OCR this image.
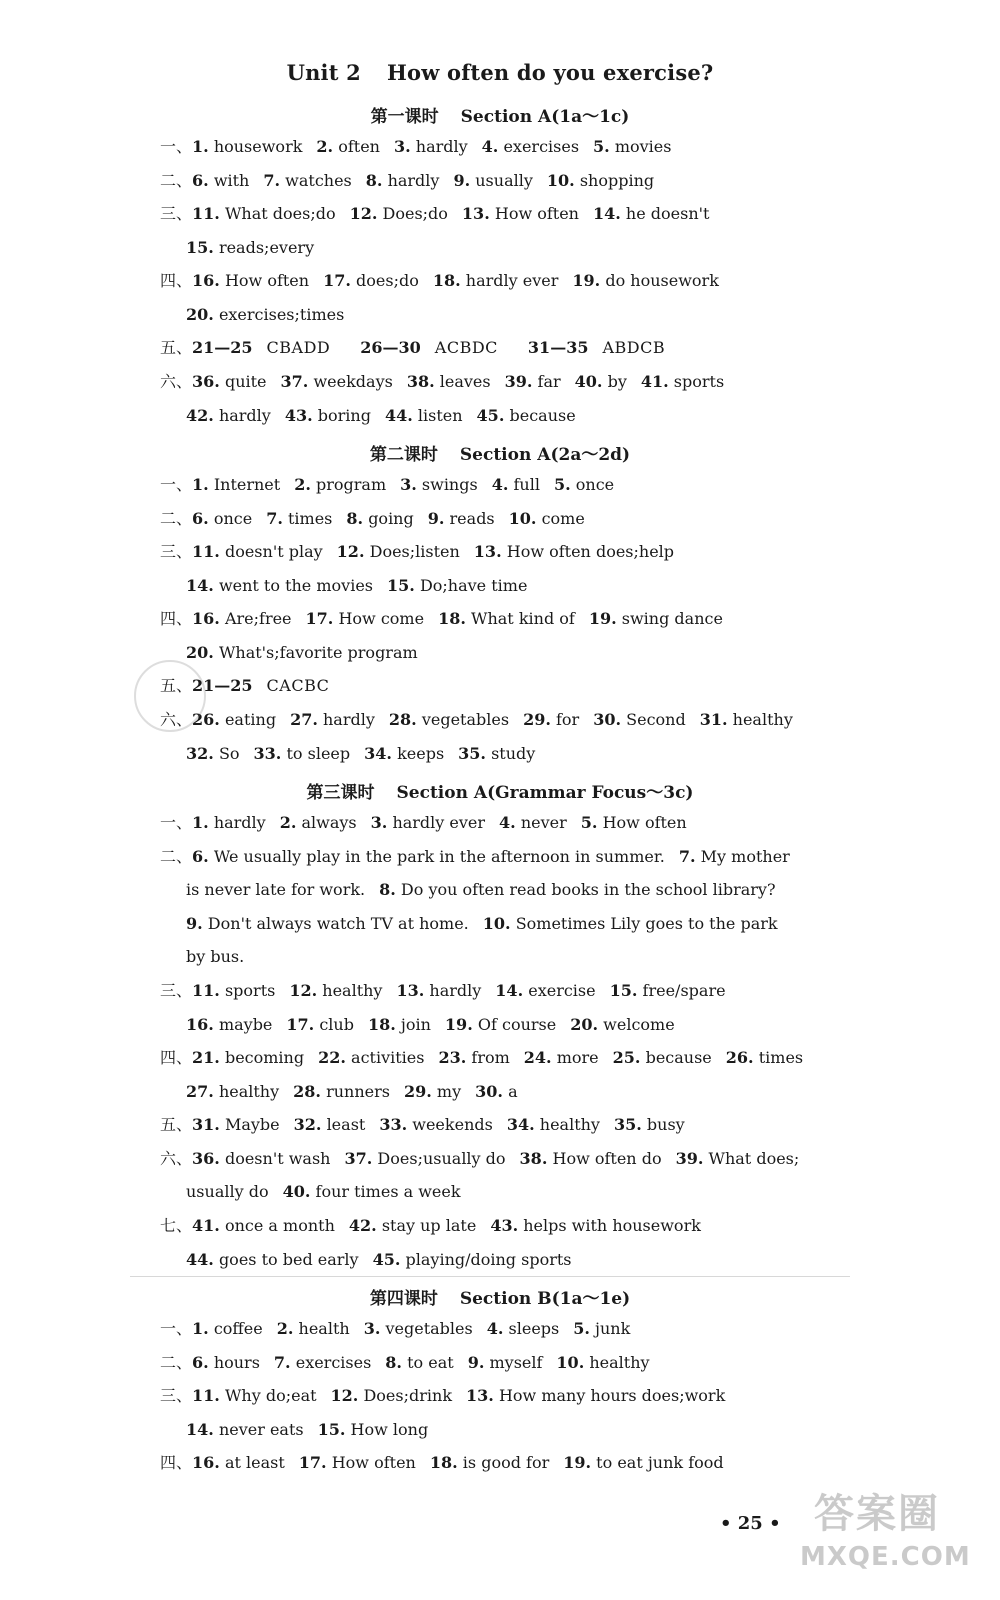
Unit 2 How often do you exercise?
第一课时 Section A(1a～1c)
第二课时 Section A(2a～2d)
第三课时 Section A(Grammar Focus～3c)
第四课时 Section B(1a～1e)
一、1. housework 2. often 3. hardly 4. exercises 5. movies
二、6. with 7. watches 8. hardly 9. usually 10. shopping
三、11. What does;do 12. Does;do 13. How often 14. he doesn't
15. reads;every
四、16. How often 17. does;do 18. hardly ever 19. do housework
20. exercises;times
五、21—25 CBADD 26—30 ACBDC 31—35 ABDCB
六、36. quite 37. weekdays 38. leaves 39. far 40. by 41. sports
42. hardly 43. boring 44. listen 45. because
一、1. Internet 2. program 3. swings 4. full 5. once
二、6. once 7. times 8. going 9. reads 10. come
三、11. doesn't play 12. Does;listen 13. How often does;help
14. went to the movies 15. Do;have time
四、16. Are;free 17. How come 18. What kind of 19. swing dance
20. What's;favorite program
五、21—25 CACBC
六、26. eating 27. hardly 28. vegetables 29. for 30. Second 31. healthy
32. So 33. to sleep 34. keeps 35. study
一、1. hardly 2. always 3. hardly ever 4. never 5. How often
二、6. We usually play in the park in the afternoon in summer. 7. My mother
is never late for work. 8. Do you often read books in the school library?
9. Don't always watch TV at home. 10. Sometimes Lily goes to the park
by bus.
三、11. sports 12. healthy 13. hardly 14. exercise 15. free/spare
16. maybe 17. club 18. join 19. Of course 20. welcome
四、21. becoming 22. activities 23. from 24. more 25. because 26. times
27. healthy 28. runners 29. my 30. a
五、31. Maybe 32. least 33. weekends 34. healthy 35. busy
六、36. doesn't wash 37. Does;usually do 38. How often do 39. What does;
usually do 40. four times a week
七、41. once a month 42. stay up late 43. helps with housework
44. goes to bed early 45. playing/doing sports
一、1. coffee 2. health 3. vegetables 4. sleeps 5. junk
二、6. hours 7. exercises 8. to eat 9. myself 10. healthy
三、11. Why do;eat 12. Does;drink 13. How many hours does;work
14. never eats 15. How long
四、16. at least 17. How often 18. is good for 19. to eat junk food
• 25 • 答案圈
MXQE.COM
